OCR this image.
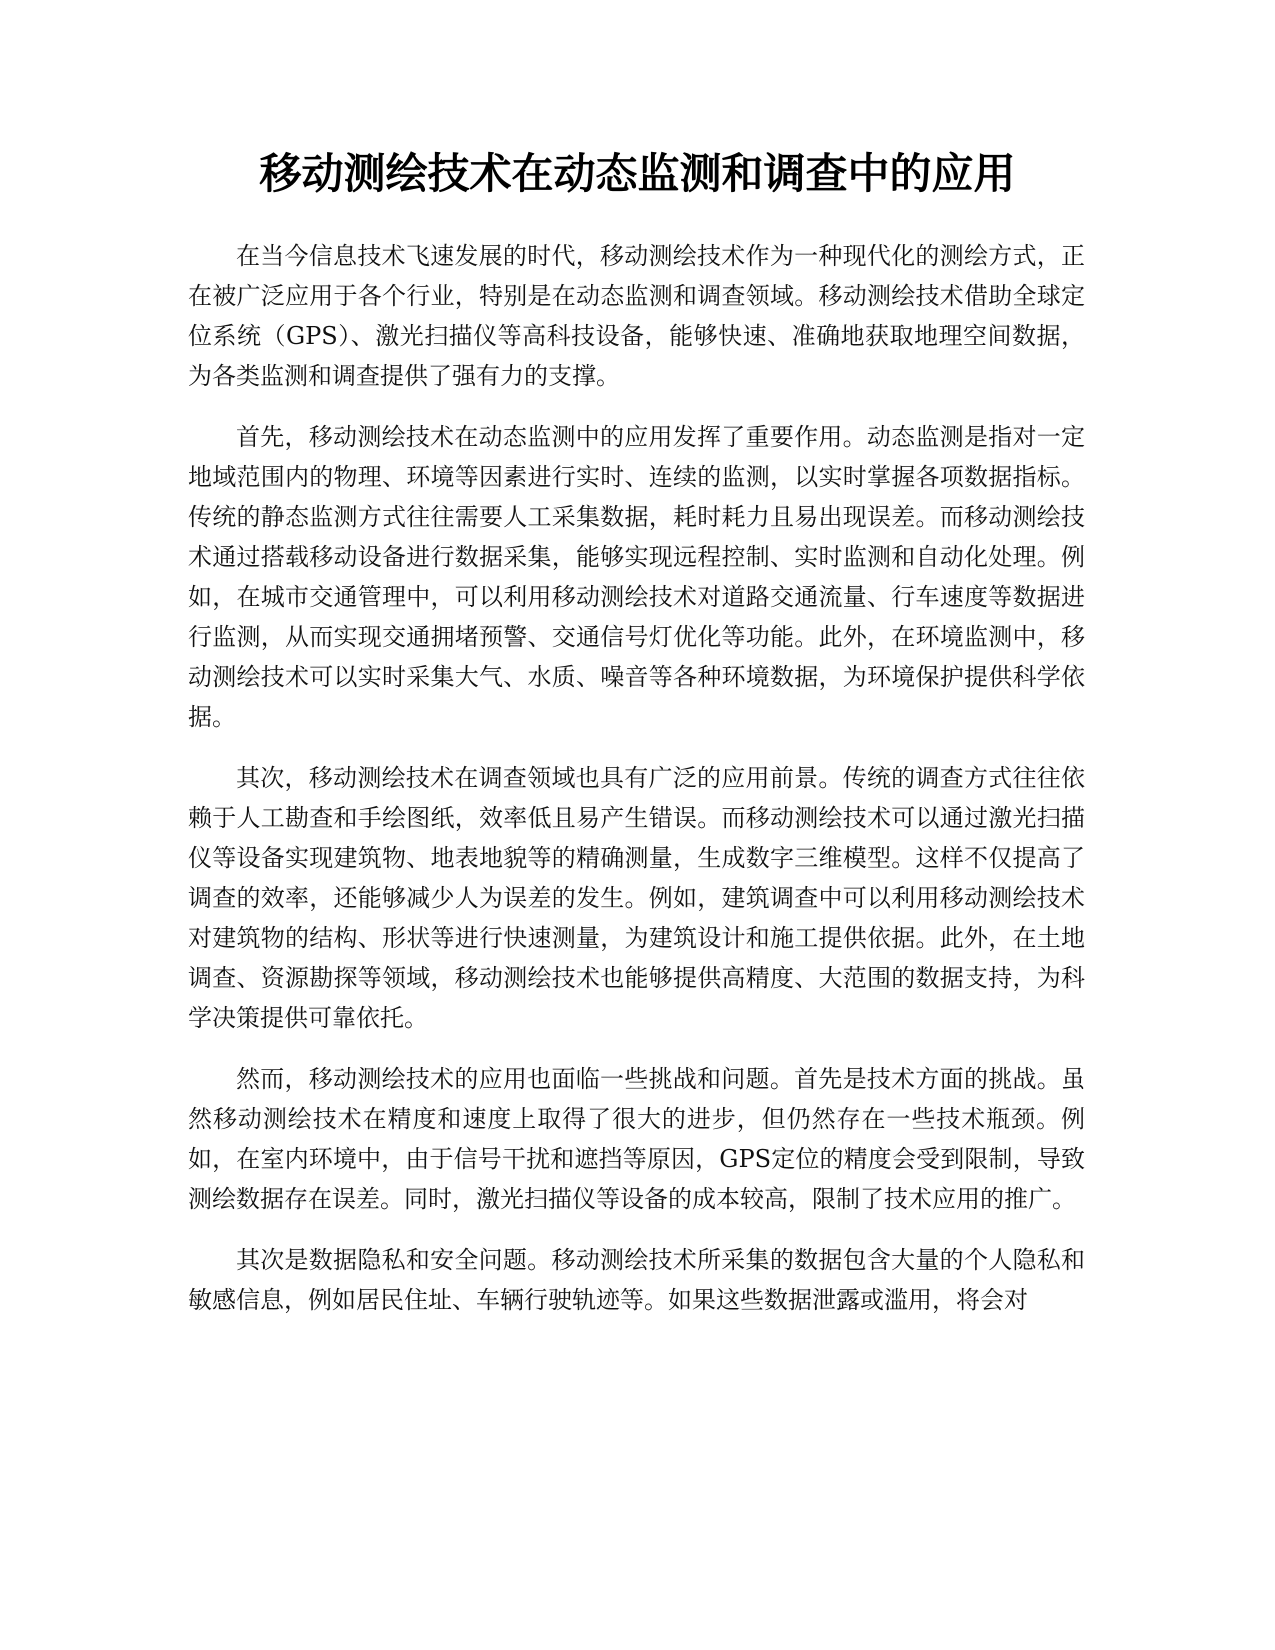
移动测绘技术在动态监测和调查中的应用

在当今信息技术飞速发展的时代，移动测绘技术作为一种现代化的测绘方式，正在被广泛应用于各个行业，特别是在动态监测和调查领域。移动测绘技术借助全球定位系统（GPS）、激光扫描仪等高科技设备，能够快速、准确地获取地理空间数据，为各类监测和调查提供了强有力的支撑。

首先，移动测绘技术在动态监测中的应用发挥了重要作用。动态监测是指对一定地域范围内的物理、环境等因素进行实时、连续的监测，以实时掌握各项数据指标。传统的静态监测方式往往需要人工采集数据，耗时耗力且易出现误差。而移动测绘技术通过搭载移动设备进行数据采集，能够实现远程控制、实时监测和自动化处理。例如，在城市交通管理中，可以利用移动测绘技术对道路交通流量、行车速度等数据进行监测，从而实现交通拥堵预警、交通信号灯优化等功能。此外，在环境监测中，移动测绘技术可以实时采集大气、水质、噪音等各种环境数据，为环境保护提供科学依据。

其次，移动测绘技术在调查领域也具有广泛的应用前景。传统的调查方式往往依赖于人工勘查和手绘图纸，效率低且易产生错误。而移动测绘技术可以通过激光扫描仪等设备实现建筑物、地表地貌等的精确测量，生成数字三维模型。这样不仅提高了调查的效率，还能够减少人为误差的发生。例如，建筑调查中可以利用移动测绘技术对建筑物的结构、形状等进行快速测量，为建筑设计和施工提供依据。此外，在土地调查、资源勘探等领域，移动测绘技术也能够提供高精度、大范围的数据支持，为科学决策提供可靠依托。

然而，移动测绘技术的应用也面临一些挑战和问题。首先是技术方面的挑战。虽然移动测绘技术在精度和速度上取得了很大的进步，但仍然存在一些技术瓶颈。例如，在室内环境中，由于信号干扰和遮挡等原因，GPS定位的精度会受到限制，导致测绘数据存在误差。同时，激光扫描仪等设备的成本较高，限制了技术应用的推广。

其次是数据隐私和安全问题。移动测绘技术所采集的数据包含大量的个人隐私和敏感信息，例如居民住址、车辆行驶轨迹等。如果这些数据泄露或滥用，将会对
